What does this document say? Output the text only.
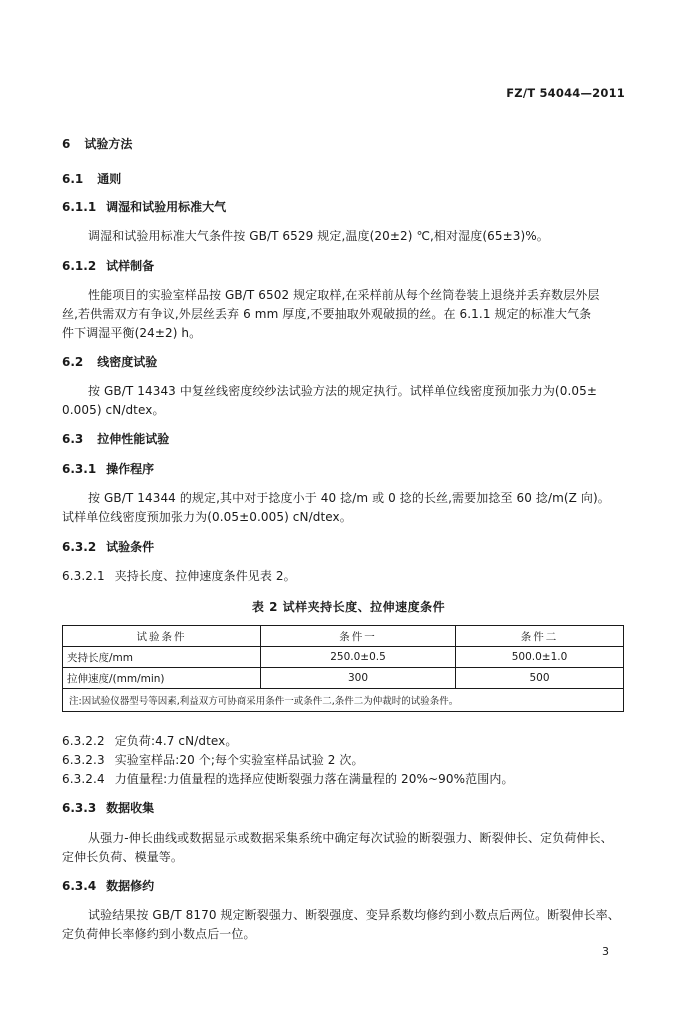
FZ/T 54044—2011
6 试验方法
6.1 通则
6.1.1 调湿和试验用标准大气
调湿和试验用标准大气条件按 GB/T 6529 规定,温度(20±2) ℃,相对湿度(65±3)%。
6.1.2 试样制备
性能项目的实验室样品按 GB/T 6502 规定取样,在采样前从每个丝筒卷装上退绕并丢弃数层外层
丝,若供需双方有争议,外层丝丢弃 6 mm 厚度,不要抽取外观破损的丝。在 6.1.1 规定的标准大气条
件下调湿平衡(24±2) h。
6.2 线密度试验
按 GB/T 14343 中复丝线密度绞纱法试验方法的规定执行。试样单位线密度预加张力为(0.05±
0.005) cN/dtex。
6.3 拉伸性能试验
6.3.1 操作程序
按 GB/T 14344 的规定,其中对于捻度小于 40 捻/m 或 0 捻的长丝,需要加捻至 60 捻/m(Z 向)。
试样单位线密度预加张力为(0.05±0.005) cN/dtex。
6.3.2 试验条件
6.3.2.1 夹持长度、拉伸速度条件见表 2。
表 2 试样夹持长度、拉伸速度条件
试验条件	条件一	条件二
夹持长度/mm	250.0±0.5	500.0±1.0
拉伸速度/(mm/min)	300	500
注:因试验仪器型号等因素,利益双方可协商采用条件一或条件二,条件二为仲裁时的试验条件。		
6.3.2.2 定负荷:4.7 cN/dtex。
6.3.2.3 实验室样品:20 个;每个实验室样品试验 2 次。
6.3.2.4 力值量程:力值量程的选择应使断裂强力落在满量程的 20%~90%范围内。
6.3.3 数据收集
从强力-伸长曲线或数据显示或数据采集系统中确定每次试验的断裂强力、断裂伸长、定负荷伸长、
定伸长负荷、模量等。
6.3.4 数据修约
试验结果按 GB/T 8170 规定断裂强力、断裂强度、变异系数均修约到小数点后两位。断裂伸长率、
定负荷伸长率修约到小数点后一位。
3
